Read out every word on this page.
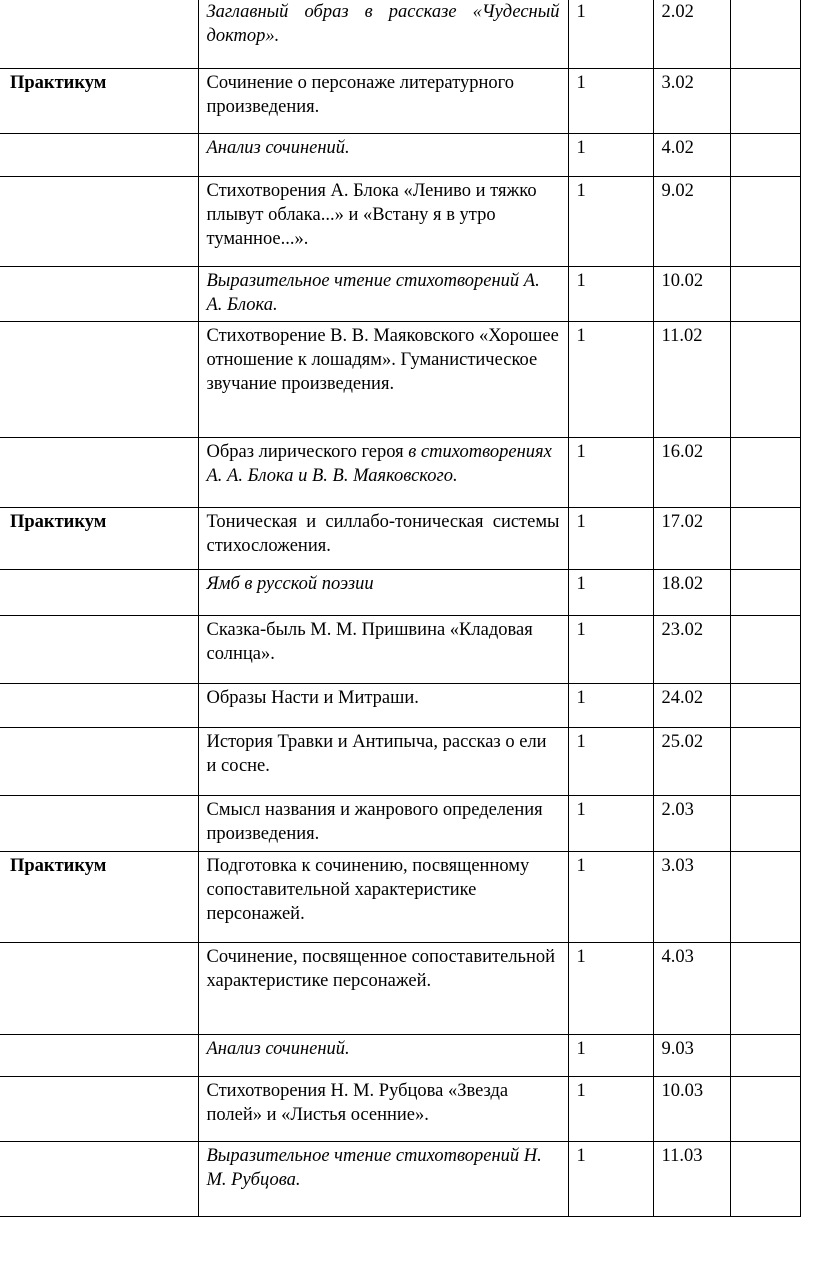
	Заглавный образ в рассказе «Чудесный доктор».	1	2.02	
Практикум	Сочинение о персонаже литературного произведения.	1	3.02	

	Анализ сочинений.	1	4.02	

	Стихотворения А. Блока «Лениво и тяжко плывут облака...» и «Встану я в утро туманное...».	1	9.02	

	Выразительное чтение стихотворений А. А. Блока.	1	10.02	

	Стихотворение В. В. Маяковского «Хорошее отношение к лошадям». Гуманистическое звучание произведения.	1	11.02	

	Образ лирического героя в стихотворениях А. А. Блока и В. В. Маяковского.	1	16.02	
Практикум	Тоническая и силлабо-тоническая системы стихосложения.	1	17.02	

	Ямб в русской поэзии	1	18.02	

	Сказка-быль М. М. Пришвина «Кладовая солнца».	1	23.02	

	Образы Насти и Митраши.	1	24.02	

	История Травки и Антипыча, рассказ о ели и сосне.	1	25.02	

	Смысл названия и жанрового определения произведения.	1	2.03	
Практикум	Подготовка к сочинению, посвященному сопоставительной характеристике персонажей.	1	3.03	

	Сочинение, посвященное сопоставительной характеристике персонажей.	1	4.03	

	Анализ сочинений.	1	9.03	

	Стихотворения Н. М. Рубцова «Звезда полей» и «Листья осенние».	1	10.03	

	Выразительное чтение стихотворений Н. М. Рубцова.	1	11.03	
